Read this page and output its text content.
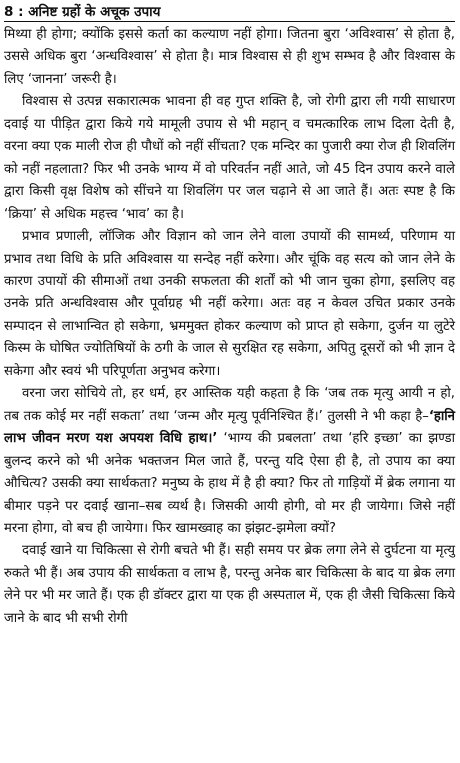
8 : अनिष्ट ग्रहों के अचूक उपाय

मिथ्या ही होगा; क्योंकि इससे कर्ता का कल्याण नहीं होगा। जितना बुरा ‘अविश्वास’ से होता है, उससे अधिक बुरा ‘अन्धविश्वास’ से होता है। मात्र विश्वास से ही शुभ सम्भव है और विश्वास के लिए ‘जानना’ जरूरी है।

विश्वास से उत्पन्न सकारात्मक भावना ही वह गुप्त शक्ति है, जो रोगी द्वारा ली गयी साधारण दवाई या पीड़ित द्वारा किये गये मामूली उपाय से भी महान् व चमत्कारिक लाभ दिला देती है, वरना क्या एक माली रोज ही पौधों को नहीं सींचता? एक मन्दिर का पुजारी क्या रोज ही शिवलिंग को नहीं नहलाता? फिर भी उनके भाग्य में वो परिवर्तन नहीं आते, जो 45 दिन उपाय करने वाले द्वारा किसी वृक्ष विशेष को सींचने या शिवलिंग पर जल चढ़ाने से आ जाते हैं। अतः स्पष्ट है कि ‘क्रिया’ से अधिक महत्त्व ‘भाव’ का है।

प्रभाव प्रणाली, लॉजिक और विज्ञान को जान लेने वाला उपायों की सामर्थ्य, परिणाम या प्रभाव तथा विधि के प्रति अविश्वास या सन्देह नहीं करेगा। और चूंकि वह सत्य को जान लेने के कारण उपायों की सीमाओं तथा उनकी सफलता की शर्तों को भी जान चुका होगा, इसलिए वह उनके प्रति अन्धविश्वास और पूर्वाग्रह भी नहीं करेगा। अतः वह न केवल उचित प्रकार उनके सम्पादन से लाभान्वित हो सकेगा, भ्रममुक्त होकर कल्याण को प्राप्त हो सकेगा, दुर्जन या लुटेरे किस्म के घोषित ज्योतिषियों के ठगी के जाल से सुरक्षित रह सकेगा, अपितु दूसरों को भी ज्ञान दे सकेगा और स्वयं भी परिपूर्णता अनुभव करेगा।

वरना जरा सोचिये तो, हर धर्म, हर आस्तिक यही कहता है कि ‘जब तक मृत्यु आयी न हो, तब तक कोई मर नहीं सकता’ तथा ‘जन्म और मृत्यु पूर्वनिश्चित हैं।’ तुलसी ने भी कहा है–‘हानि लाभ जीवन मरण यश अपयश विधि हाथ।’ ‘भाग्य की प्रबलता’ तथा ‘हरि इच्छा’ का झण्डा बुलन्द करने को भी अनेक भक्तजन मिल जाते हैं, परन्तु यदि ऐसा ही है, तो उपाय का क्या औचित्य? उसकी क्या सार्थकता? मनुष्य के हाथ में है ही क्या? फिर तो गाड़ियों में ब्रेक लगाना या बीमार पड़ने पर दवाई खाना–सब व्यर्थ है। जिसकी आयी होगी, वो मर ही जायेगा। जिसे नहीं मरना होगा, वो बच ही जायेगा। फिर खामख्वाह का झंझट-झमेला क्यों?

दवाई खाने या चिकित्सा से रोगी बचते भी हैं। सही समय पर ब्रेक लगा लेने से दुर्घटना या मृत्यु रुकते भी हैं। अब उपाय की सार्थकता व लाभ है, परन्तु अनेक बार चिकित्सा के बाद या ब्रेक लगा लेने पर भी मर जाते हैं। एक ही डॉक्टर द्वारा या एक ही अस्पताल में, एक ही जैसी चिकित्सा किये जाने के बाद भी सभी रोगी
